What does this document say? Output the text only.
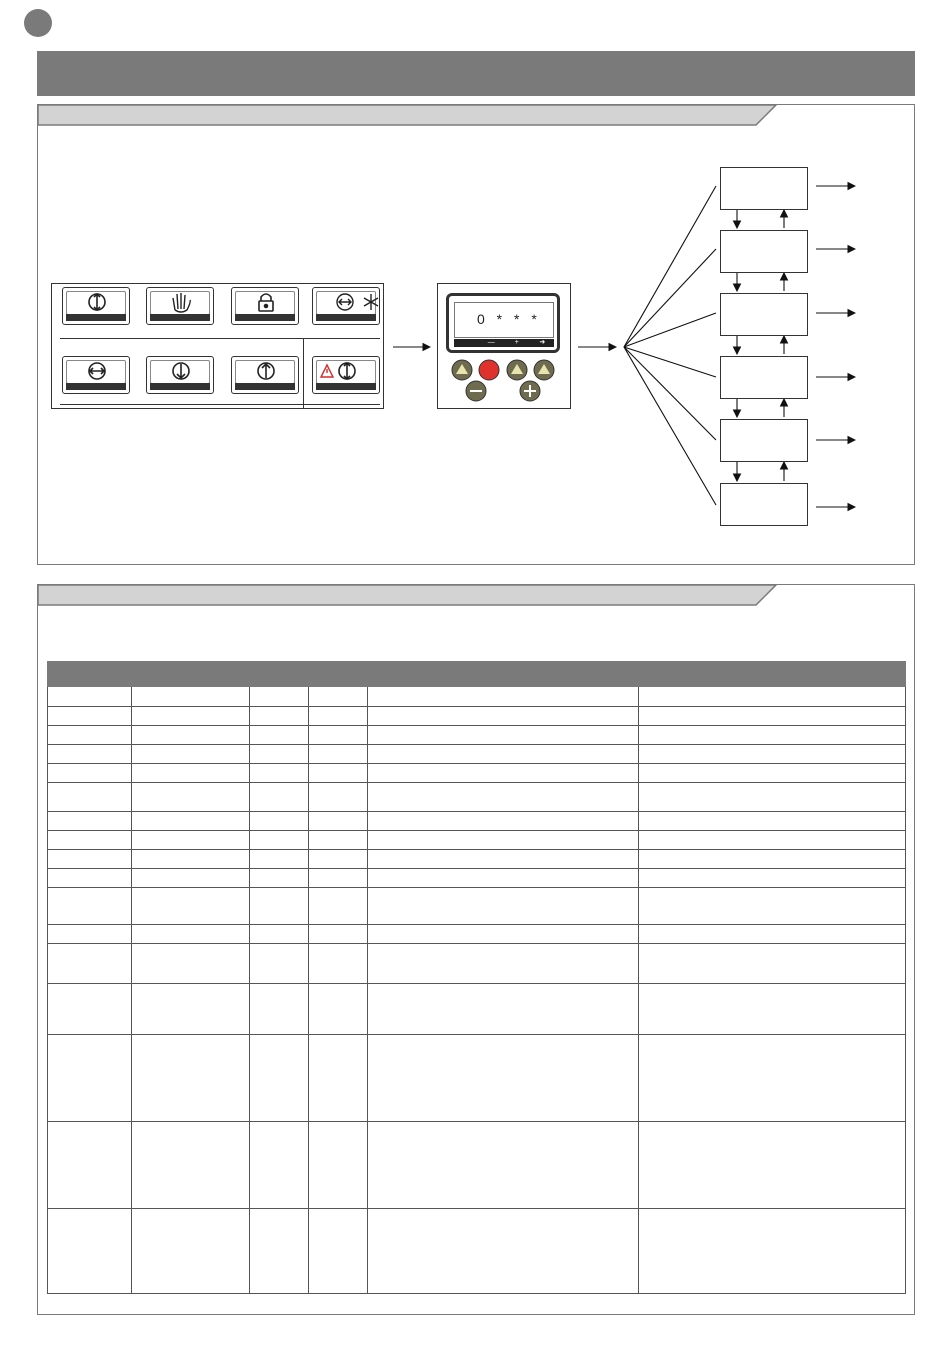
0 * * *
—	+	➜
